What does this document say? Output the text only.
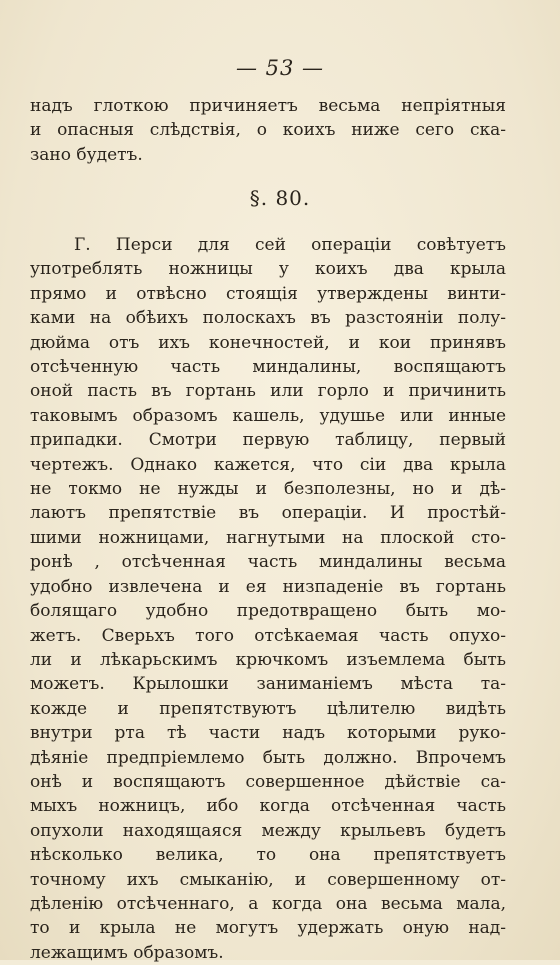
— 53 —
надъ глоткою причиняетъ весьма непріятныя
и опасныя слѣдствія, о коихъ ниже сего ска-
зано будетъ.
§. 80.
Г. Перси для сей операціи совѣтуетъ
употреблять ножницы у коихъ два крыла
прямо и отвѣсно стоящія утверждены винти-
ками на обѣихъ полоскахъ въ разстояніи полу-
дюйма отъ ихъ конечностей, и кои принявъ
отсѣченную часть миндалины, воспящаютъ
оной пасть въ гортань или горло и причинить
таковымъ образомъ кашель, удушье или инные
припадки. Смотри первую таблицу, первый
чертежъ. Однако кажется, что сіи два крыла
не токмо не нужды и безполезны, но и дѣ-
лаютъ препятствіе въ операціи. И простѣй-
шими ножницами, нагнутыми на плоской сто-
ронѣ , отсѣченная часть миндалины весьма
удобно извлечена и ея низпаденіе въ гортань
болящаго удобно предотвращено быть мо-
жетъ. Сверьхъ того отсѣкаемая часть опухо-
ли и лѣкарьскимъ крючкомъ изъемлема быть
можетъ. Крылошки заниманіемъ мѣста та-
кожде и препятствуютъ цѣлителю видѣть
внутри рта тѣ части надъ которыми руко-
дѣяніе предпріемлемо быть должно. Впрочемъ
онѣ и воспящаютъ совершенное дѣйствіе са-
мыхъ ножницъ, ибо когда отсѣченная часть
опухоли находящаяся между крыльевъ будетъ
нѣсколько велика, то она препятствуетъ
точному ихъ смыканію, и совершенному от-
дѣленію отсѣченнаго, а когда она весьма мала,
то и крыла не могутъ удержать оную над-
лежащимъ образомъ.
